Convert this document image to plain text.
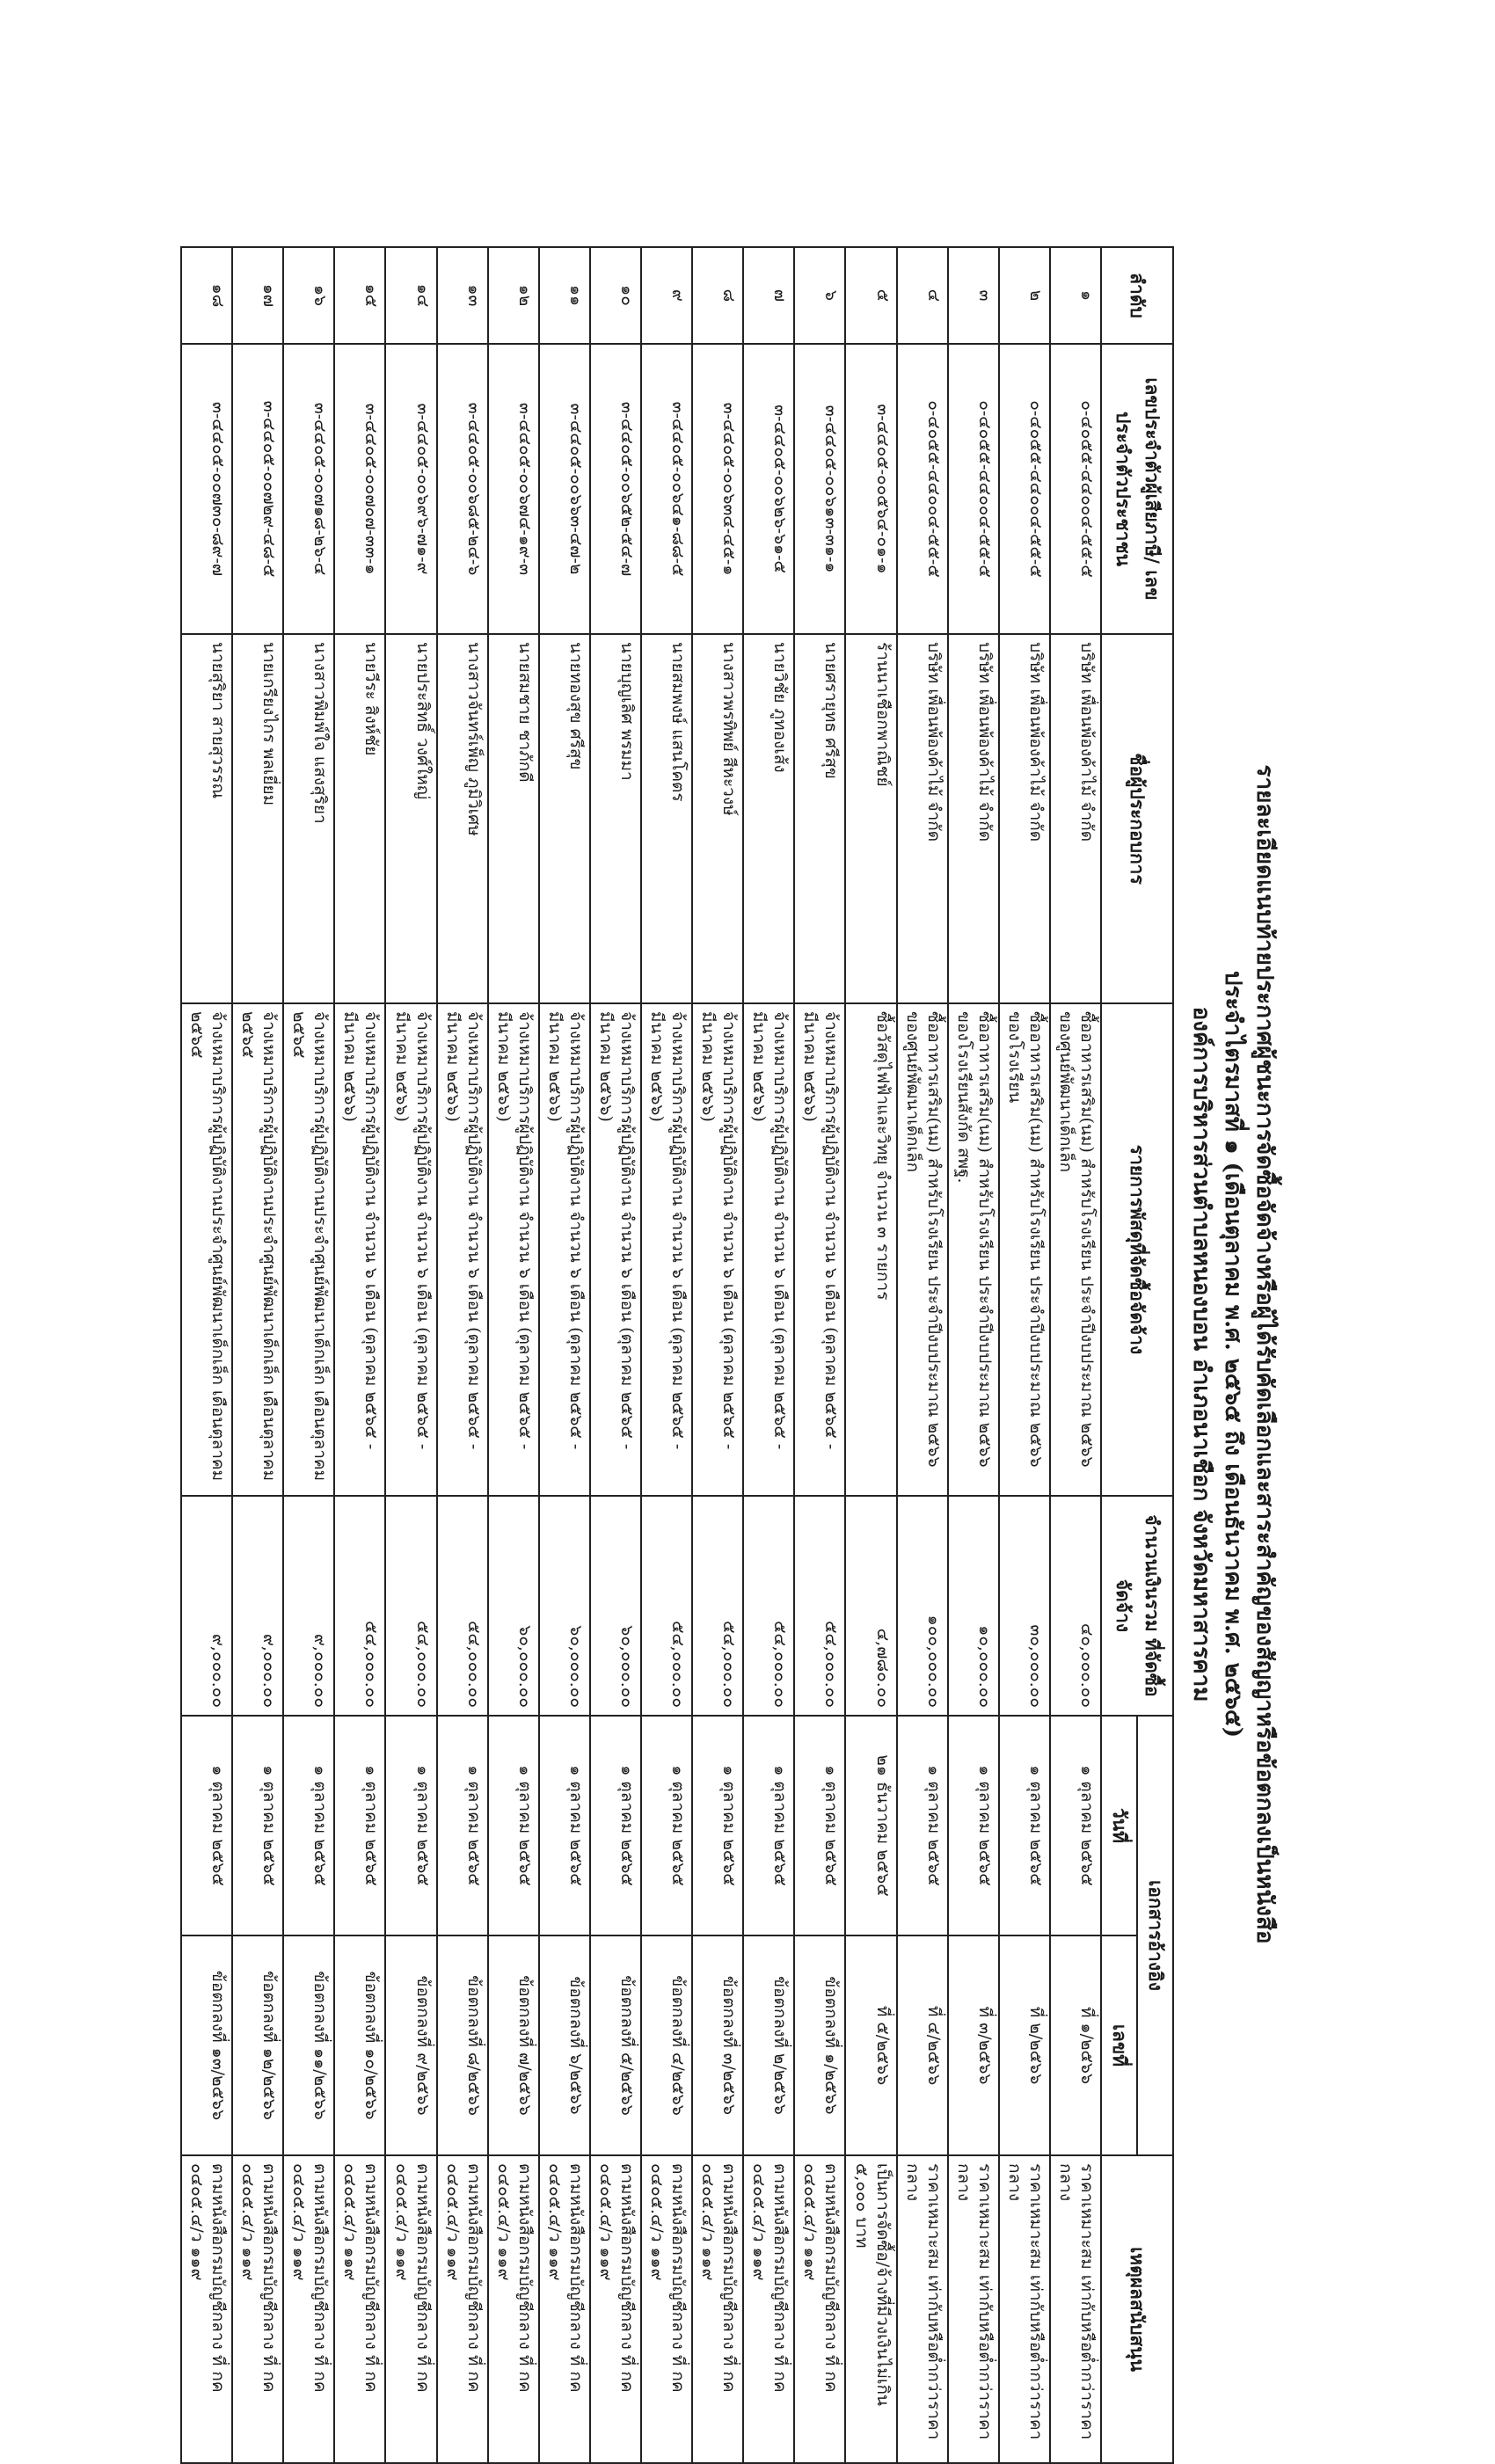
รายละเอียดแนบท้ายประกาศผู้ชนะการจัดซื้อจัดจ้างหรือผู้ได้รับคัดเลือกและสาระสำคัญของสัญญาหรือข้อตกลงเป็นหนังสือ
ประจำไตรมาสที่ ๑ (เดือนตุลาคม พ.ศ. ๒๕๖๕ ถึง เดือนธันวาคม พ.ศ. ๒๕๖๕)
องค์การบริหารส่วนตำบลหนองบอน อำเภอนาเชือก จังหวัดมหาสารคาม
ลำดับ	เลขประจำตัวผู้เสียภาษี/ เลขประจำตัวประชาชน	ชื่อผู้ประกอบการ	รายการพัสดุที่จัดซื้อจัดจ้าง	จำนวนเงินรวม ที่จัดซื้อจัดจ้าง	เอกสารอ้างอิง		เหตุผลสนับสนุน
					วันที่	เลขที่	
๑	๐-๔๐๕๕-๔๔๐๐๔-๕๕-๕	บริษัท เพื่อนพ้องค้าไม้ จำกัด	ซื้ออาหารเสริม(นม) สำหรับโรงเรียน ประจำปีงบประมาณ ๒๕๖๖ ของศูนย์พัฒนาเด็กเล็ก	๔๐,๐๐๐.๐๐	๑ ตุลาคม ๒๕๖๕	ที่ ๑/๒๕๖๖	ราคาเหมาะสม เท่ากับหรือต่ำกว่าราคากลาง
๒	๐-๔๐๕๕-๔๔๐๐๔-๕๕-๕	บริษัท เพื่อนพ้องค้าไม้ จำกัด	ซื้ออาหารเสริม(นม) สำหรับโรงเรียน ประจำปีงบประมาณ ๒๕๖๖ ของโรงเรียน	๓๐,๐๐๐.๐๐	๑ ตุลาคม ๒๕๖๕	ที่ ๒/๒๕๖๖	ราคาเหมาะสม เท่ากับหรือต่ำกว่าราคากลาง
๓	๐-๔๐๕๕-๔๔๐๐๔-๕๕-๕	บริษัท เพื่อนพ้องค้าไม้ จำกัด	ซื้ออาหารเสริม(นม) สำหรับโรงเรียน ประจำปีงบประมาณ ๒๕๖๖ ของโรงเรียนสังกัด สพฐ.	๑๐,๐๐๐.๐๐	๑ ตุลาคม ๒๕๖๕	ที่ ๓/๒๕๖๖	ราคาเหมาะสม เท่ากับหรือต่ำกว่าราคากลาง
๔	๐-๔๐๕๕-๔๔๐๐๔-๕๕-๕	บริษัท เพื่อนพ้องค้าไม้ จำกัด	ซื้ออาหารเสริม(นม) สำหรับโรงเรียน ประจำปีงบประมาณ ๒๕๖๖ ของศูนย์พัฒนาเด็กเล็ก	๑๐๐,๐๐๐.๐๐	๑ ตุลาคม ๒๕๖๕	ที่ ๔/๒๕๖๖	ราคาเหมาะสม เท่ากับหรือต่ำกว่าราคากลาง
๕	๓-๔๔๐๕-๐๐๕๖๔-๐๑-๑	ร้านนาเชือกพาณิชย์	ซื้อวัสดุไฟฟ้าและวิทยุ จำนวน ๓ รายการ	๔,๗๘๐.๐๐	๒๑ ธันวาคม ๒๕๖๕	ที่ ๕/๒๕๖๖	เป็นการจัดซื้อ/จ้างที่มีวงเงินไม่เกิน ๕,๐๐๐ บาท
๖	๓-๔๔๐๕-๐๐๖๑๓-๓๑-๑	นายศรายุทธ ศรีสุข	จ้างเหมาบริการผู้ปฏิบัติงาน จำนวน ๖ เดือน (ตุลาคม ๒๕๖๕ - มีนาคม ๒๕๖๖)	๕๔,๐๐๐.๐๐	๑ ตุลาคม ๒๕๖๕	ข้อตกลงที่ ๑/๒๕๖๖	ตามหนังสือกรมบัญชีกลาง ที่ กค ๐๔๐๕.๔/ว ๑๑๙
๗	๓-๔๔๐๕-๐๐๖๒๖-๖๑-๕	นายวิชัย ภูทองเส้ง	จ้างเหมาบริการผู้ปฏิบัติงาน จำนวน ๖ เดือน (ตุลาคม ๒๕๖๕ - มีนาคม ๒๕๖๖)	๕๔,๐๐๐.๐๐	๑ ตุลาคม ๒๕๖๕	ข้อตกลงที่ ๒/๒๕๖๖	ตามหนังสือกรมบัญชีกลาง ที่ กค ๐๔๐๕.๔/ว ๑๑๙
๘	๓-๔๔๐๕-๐๐๖๓๔-๔๕-๑	นางสาวพรทิพย์ สีหะวงษ์	จ้างเหมาบริการผู้ปฏิบัติงาน จำนวน ๖ เดือน (ตุลาคม ๒๕๖๕ - มีนาคม ๒๕๖๖)	๕๔,๐๐๐.๐๐	๑ ตุลาคม ๒๕๖๕	ข้อตกลงที่ ๓/๒๕๖๖	ตามหนังสือกรมบัญชีกลาง ที่ กค ๐๔๐๕.๔/ว ๑๑๙
๙	๓-๔๔๐๕-๐๐๖๔๑-๘๘-๕	นายสมพงษ์ แสนโคตร	จ้างเหมาบริการผู้ปฏิบัติงาน จำนวน ๖ เดือน (ตุลาคม ๒๕๖๕ - มีนาคม ๒๕๖๖)	๕๔,๐๐๐.๐๐	๑ ตุลาคม ๒๕๖๕	ข้อตกลงที่ ๔/๒๕๖๖	ตามหนังสือกรมบัญชีกลาง ที่ กค ๐๔๐๕.๔/ว ๑๑๙
๑๐	๓-๔๔๐๕-๐๐๖๕๒-๕๔-๗	นายบุญเลิศ พรมมา	จ้างเหมาบริการผู้ปฏิบัติงาน จำนวน ๖ เดือน (ตุลาคม ๒๕๖๕ - มีนาคม ๒๕๖๖)	๖๐,๐๐๐.๐๐	๑ ตุลาคม ๒๕๖๕	ข้อตกลงที่ ๕/๒๕๖๖	ตามหนังสือกรมบัญชีกลาง ที่ กค ๐๔๐๕.๔/ว ๑๑๙
๑๑	๓-๔๔๐๕-๐๐๖๖๓-๔๗-๒	นายทองสุข ศรีสุข	จ้างเหมาบริการผู้ปฏิบัติงาน จำนวน ๖ เดือน (ตุลาคม ๒๕๖๕ - มีนาคม ๒๕๖๖)	๖๐,๐๐๐.๐๐	๑ ตุลาคม ๒๕๖๕	ข้อตกลงที่ ๖/๒๕๖๖	ตามหนังสือกรมบัญชีกลาง ที่ กค ๐๔๐๕.๔/ว ๑๑๙
๑๒	๓-๔๔๐๕-๐๐๖๗๔-๑๙-๓	นายสมชาย ชาภักดี	จ้างเหมาบริการผู้ปฏิบัติงาน จำนวน ๖ เดือน (ตุลาคม ๒๕๖๕ - มีนาคม ๒๕๖๖)	๖๐,๐๐๐.๐๐	๑ ตุลาคม ๒๕๖๕	ข้อตกลงที่ ๗/๒๕๖๖	ตามหนังสือกรมบัญชีกลาง ที่ กค ๐๔๐๕.๔/ว ๑๑๙
๑๓	๓-๔๔๐๕-๐๐๖๘๕-๒๔-๖	นางสาวจันทร์เพ็ญ ภูมิวิเศษ	จ้างเหมาบริการผู้ปฏิบัติงาน จำนวน ๖ เดือน (ตุลาคม ๒๕๖๕ - มีนาคม ๒๕๖๖)	๕๔,๐๐๐.๐๐	๑ ตุลาคม ๒๕๖๕	ข้อตกลงที่ ๘/๒๕๖๖	ตามหนังสือกรมบัญชีกลาง ที่ กค ๐๔๐๕.๔/ว ๑๑๙
๑๔	๓-๔๔๐๕-๐๐๖๙๖-๗๑-๙	นายประสิทธิ์ วงศ์ใหญ่	จ้างเหมาบริการผู้ปฏิบัติงาน จำนวน ๖ เดือน (ตุลาคม ๒๕๖๕ - มีนาคม ๒๕๖๖)	๕๔,๐๐๐.๐๐	๑ ตุลาคม ๒๕๖๕	ข้อตกลงที่ ๙/๒๕๖๖	ตามหนังสือกรมบัญชีกลาง ที่ กค ๐๔๐๕.๔/ว ๑๑๙
๑๕	๓-๔๔๐๕-๐๐๗๐๗-๓๓-๑	นายวีระ สิงห์ชัย	จ้างเหมาบริการผู้ปฏิบัติงาน จำนวน ๖ เดือน (ตุลาคม ๒๕๖๕ - มีนาคม ๒๕๖๖)	๕๔,๐๐๐.๐๐	๑ ตุลาคม ๒๕๖๕	ข้อตกลงที่ ๑๐/๒๕๖๖	ตามหนังสือกรมบัญชีกลาง ที่ กค ๐๔๐๕.๔/ว ๑๑๙
๑๖	๓-๔๔๐๕-๐๐๗๑๘-๒๖-๔	นางสาวพิมพ์ใจ แสงสุริยา	จ้างเหมาบริการผู้ปฏิบัติงานประจำศูนย์พัฒนาเด็กเล็ก เดือนตุลาคม ๒๕๖๕	๙,๐๐๐.๐๐	๑ ตุลาคม ๒๕๖๕	ข้อตกลงที่ ๑๑/๒๕๖๖	ตามหนังสือกรมบัญชีกลาง ที่ กค ๐๔๐๕.๔/ว ๑๑๙
๑๗	๓-๔๔๐๕-๐๐๗๒๙-๔๘-๕	นายเกรียงไกร พลเยี่ยม	จ้างเหมาบริการผู้ปฏิบัติงานประจำศูนย์พัฒนาเด็กเล็ก เดือนตุลาคม ๒๕๖๕	๙,๐๐๐.๐๐	๑ ตุลาคม ๒๕๖๕	ข้อตกลงที่ ๑๒/๒๕๖๖	ตามหนังสือกรมบัญชีกลาง ที่ กค ๐๔๐๕.๔/ว ๑๑๙
๑๘	๓-๔๔๐๕-๐๐๗๓๐-๘๙-๗	นายสุริยา สายสุวรรณ	จ้างเหมาบริการผู้ปฏิบัติงานประจำศูนย์พัฒนาเด็กเล็ก เดือนตุลาคม ๒๕๖๕	๙,๐๐๐.๐๐	๑ ตุลาคม ๒๕๖๕	ข้อตกลงที่ ๑๓/๒๕๖๖	ตามหนังสือกรมบัญชีกลาง ที่ กค ๐๔๐๕.๔/ว ๑๑๙
